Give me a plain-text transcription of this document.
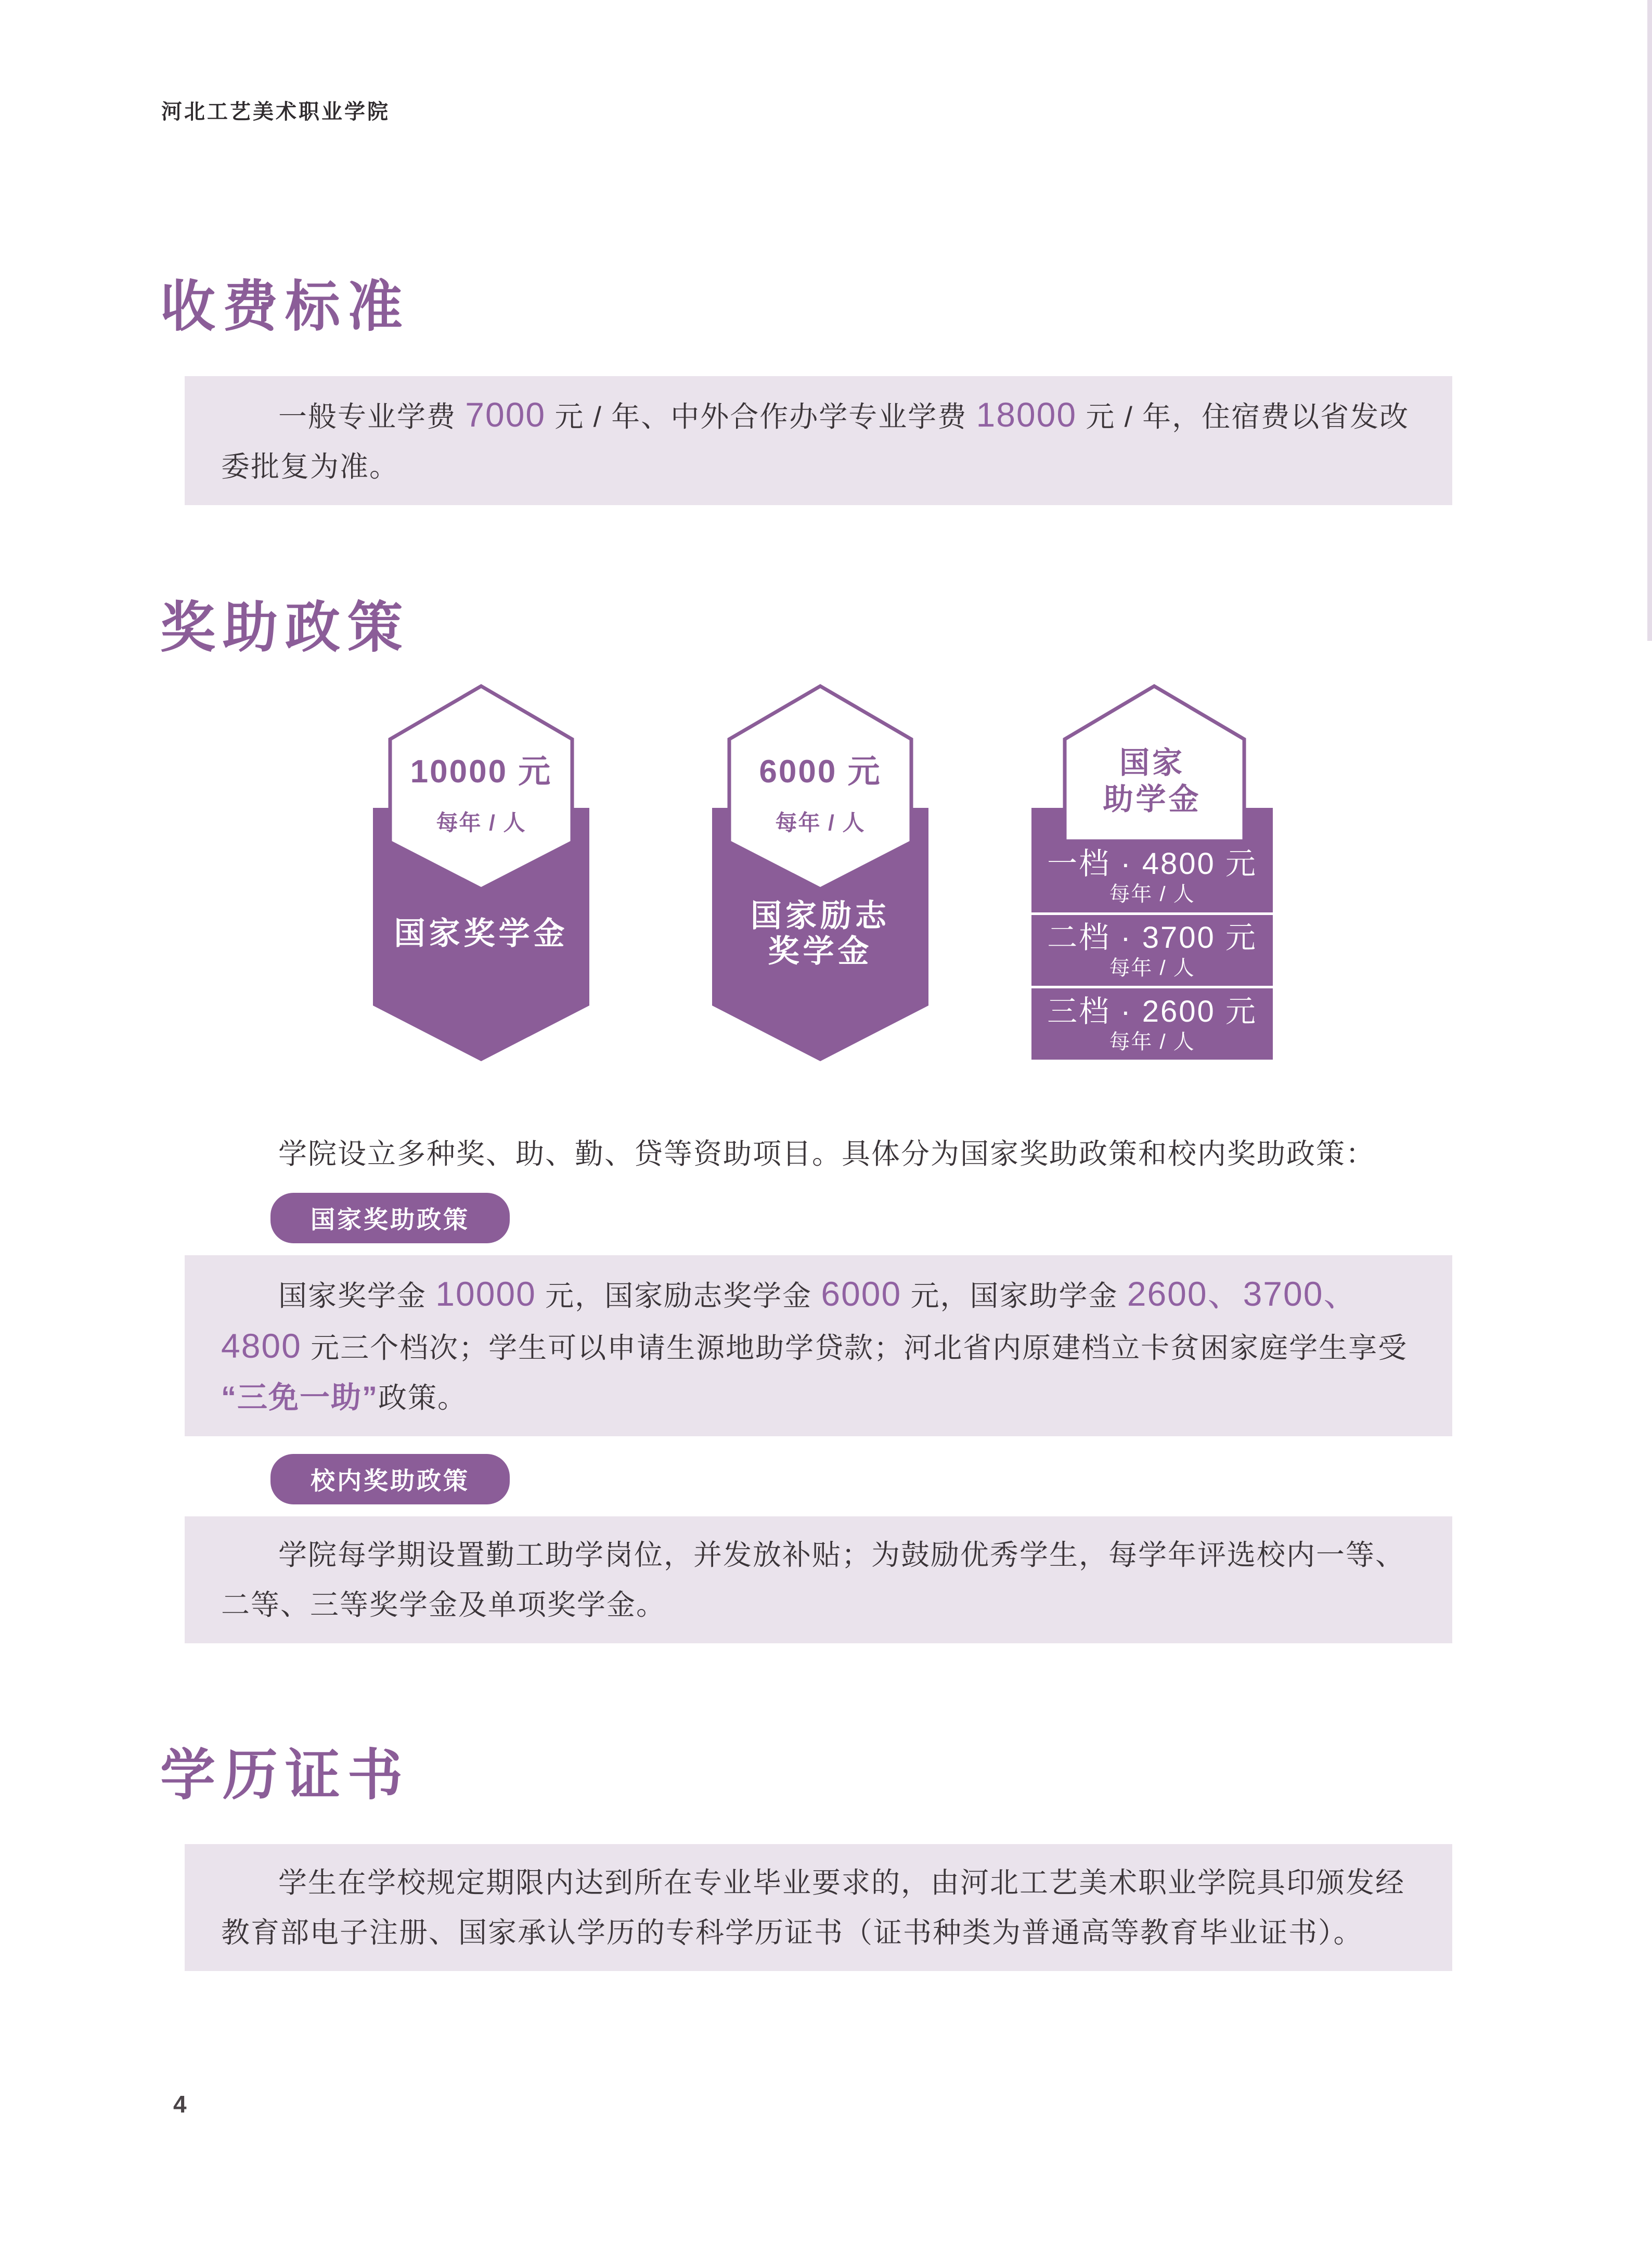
河北工艺美术职业学院
收费标准

一般专业学费 7000 元 / 年、中外合作办学专业学费 18000 元 / 年，住宿费以省发改委批复为准。

奖助政策
10000 元
每年 / 人
国家奖学金
6000 元
每年 / 人
国家励志
奖学金
国家
助学金
一档 · 4800 元
每年 / 人
二档 · 3700 元
每年 / 人
三档 · 2600 元
每年 / 人
学院设立多种奖、助、勤、贷等资助项目。具体分为国家奖助政策和校内奖助政策：
国家奖助政策

国家奖学金 10000 元，国家励志奖学金 6000 元，国家助学金 2600、3700、4800 元三个档次；学生可以申请生源地助学贷款；河北省内原建档立卡贫困家庭学生享受“三免一助”政策。

校内奖助政策

学院每学期设置勤工助学岗位，并发放补贴；为鼓励优秀学生，每学年评选校内一等、二等、三等奖学金及单项奖学金。

学历证书

学生在学校规定期限内达到所在专业毕业要求的，由河北工艺美术职业学院具印颁发经教育部电子注册、国家承认学历的专科学历证书（证书种类为普通高等教育毕业证书）。

4
